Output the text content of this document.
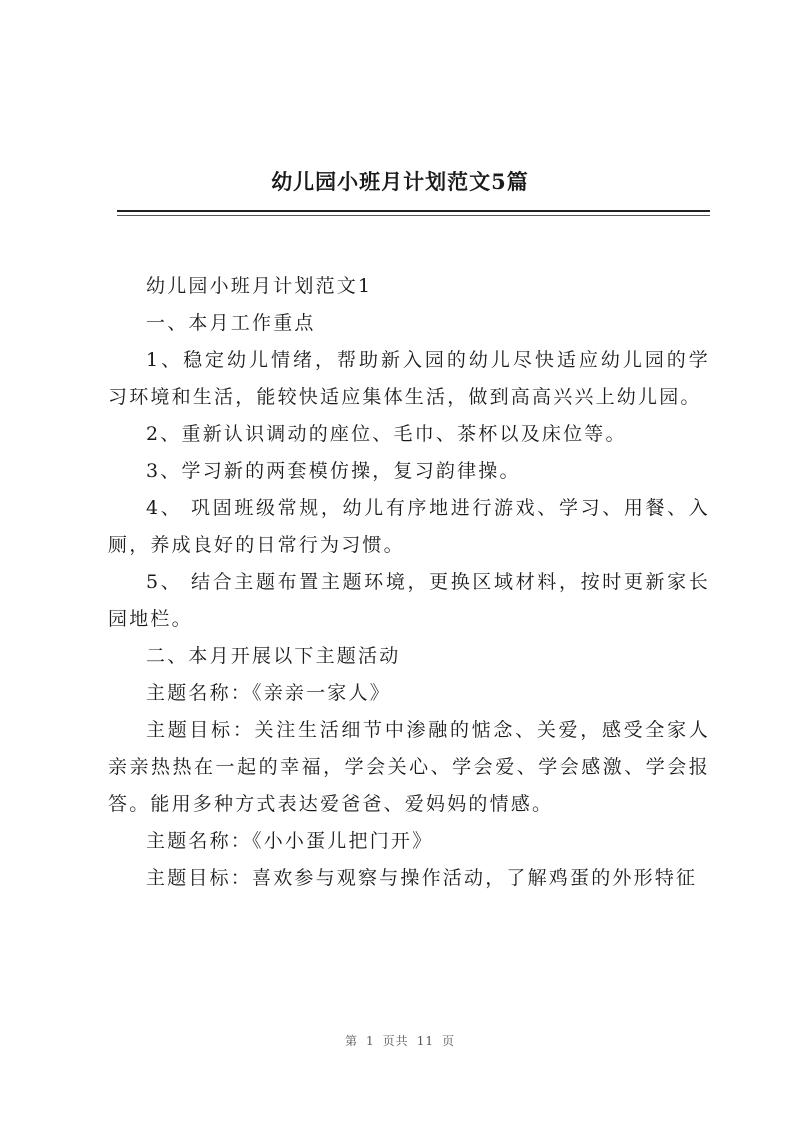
幼儿园小班月计划范文5篇

幼儿园小班月计划范文1

一、本月工作重点

1、稳定幼儿情绪，帮助新入园的幼儿尽快适应幼儿园的学习环境和生活，能较快适应集体生活，做到高高兴兴上幼儿园。

2、重新认识调动的座位、毛巾、茶杯以及床位等。

3、学习新的两套模仿操，复习韵律操。

4、 巩固班级常规，幼儿有序地进行游戏、学习、用餐、入厕，养成良好的日常行为习惯。

5、 结合主题布置主题环境，更换区域材料，按时更新家长园地栏。

二、本月开展以下主题活动

主题名称：《亲亲一家人》

主题目标：关注生活细节中渗融的惦念、关爱，感受全家人亲亲热热在一起的幸福，学会关心、学会爱、学会感激、学会报答。能用多种方式表达爱爸爸、爱妈妈的情感。

主题名称：《小小蛋儿把门开》

主题目标：喜欢参与观察与操作活动，了解鸡蛋的外形特征

第 1 页共 11 页
